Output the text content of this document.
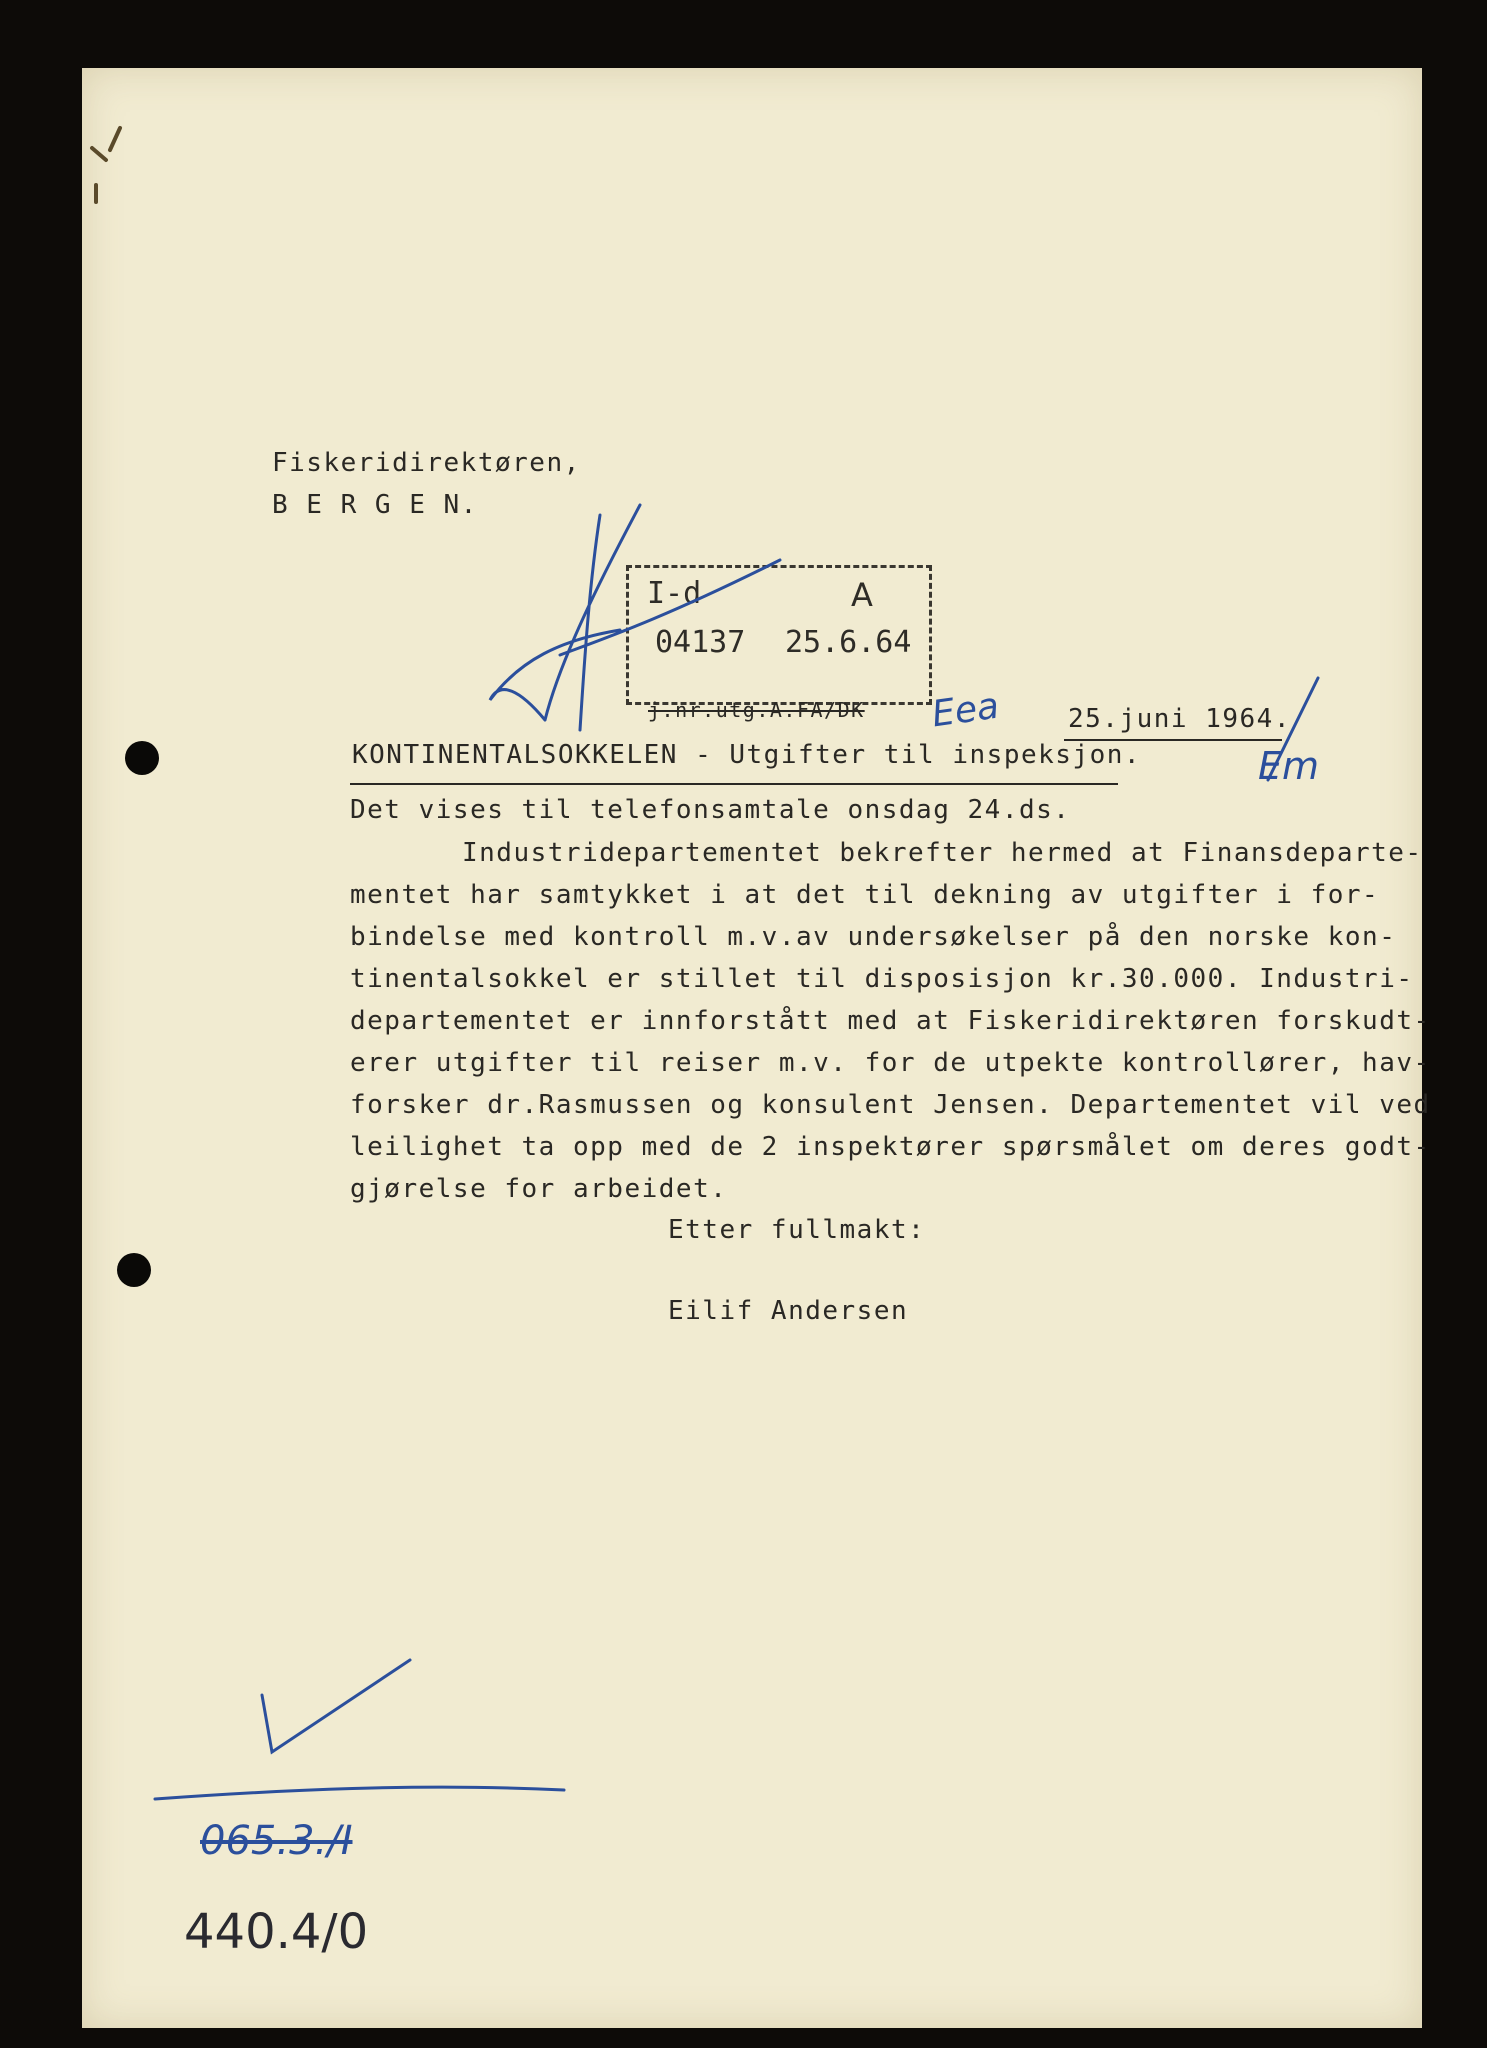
Fiskeridirektøren,
B E R G E N.
I-d	A
04137 25.6.64
j.nr.utg.A.FA/DK	25.juni 1964.
KONTINENTALSOKKELEN - Utgifter til inspeksjon.
Det vises til telefonsamtale onsdag 24.ds.
Industridepartementet bekrefter hermed at Finansdeparte-
mentet har samtykket i at det til dekning av utgifter i for-
bindelse med kontroll m.v.av undersøkelser på den norske kon-
tinentalsokkel er stillet til disposisjon kr.30.000. Industri-
departementet er innforstått med at Fiskeridirektøren forskudt-
erer utgifter til reiser m.v. for de utpekte kontrollører, hav-
forsker dr.Rasmussen og konsulent Jensen. Departementet vil ved
leilighet ta opp med de 2 inspektører spørsmålet om deres godt-
gjørelse for arbeidet.
Etter fullmakt:
Eilif Andersen
Em
Eea
065.3./I
440.4/0
